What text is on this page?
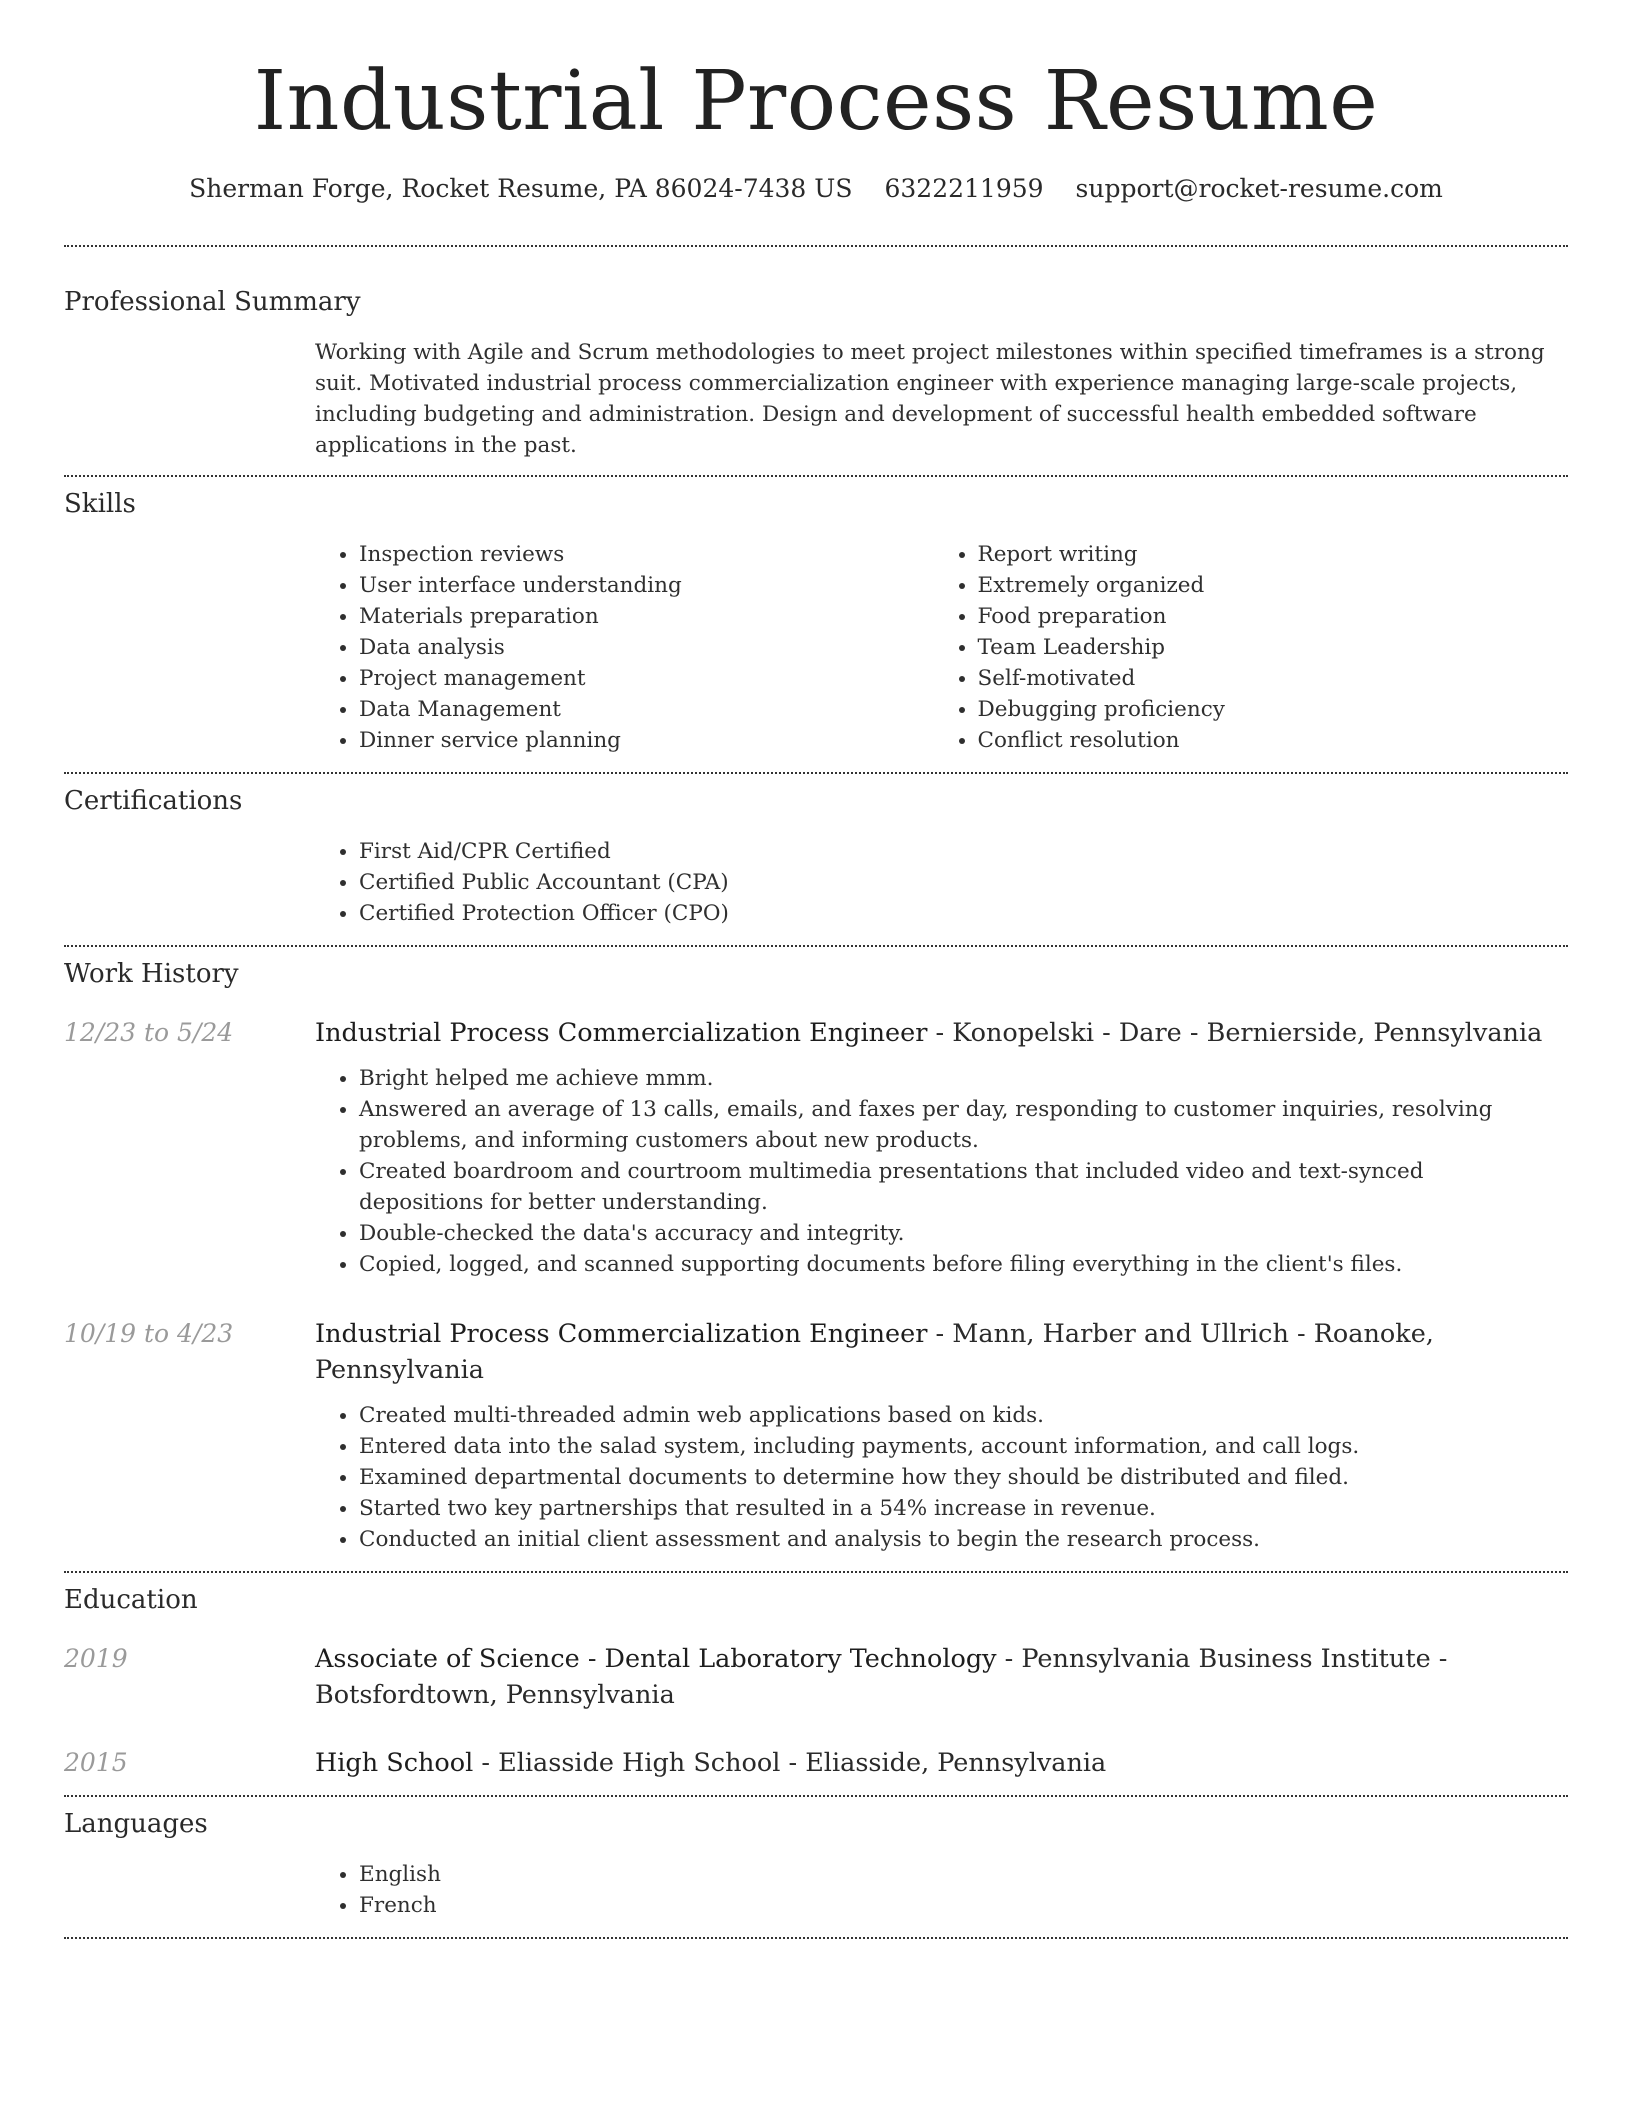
Industrial Process Resume
Sherman Forge, Rocket Resume, PA 86024-7438 US 6322211959 support@rocket-resume.com
Professional Summary
Working with Agile and Scrum methodologies to meet project milestones within specified timeframes is a strong suit. Motivated industrial process commercialization engineer with experience managing large-scale projects, including budgeting and administration. Design and development of successful health embedded software applications in the past.
Skills
• Inspection reviews
• User interface understanding
• Materials preparation
• Data analysis
• Project management
• Data Management
• Dinner service planning
• Report writing
• Extremely organized
• Food preparation
• Team Leadership
• Self-motivated
• Debugging proficiency
• Conflict resolution
Certifications
• First Aid/CPR Certified
• Certified Public Accountant (CPA)
• Certified Protection Officer (CPO)
Work History
12/23 to 5/24	Industrial Process Commercialization Engineer - Konopelski - Dare - Bernierside, Pennsylvania
• Bright helped me achieve mmm.
• Answered an average of 13 calls, emails, and faxes per day, responding to customer inquiries, resolving problems, and informing customers about new products.
• Created boardroom and courtroom multimedia presentations that included video and text-synced depositions for better understanding.
• Double-checked the data's accuracy and integrity.
• Copied, logged, and scanned supporting documents before filing everything in the client's files.
10/19 to 4/23	Industrial Process Commercialization Engineer - Mann, Harber and Ullrich - Roanoke, Pennsylvania
• Created multi-threaded admin web applications based on kids.
• Entered data into the salad system, including payments, account information, and call logs.
• Examined departmental documents to determine how they should be distributed and filed.
• Started two key partnerships that resulted in a 54% increase in revenue.
• Conducted an initial client assessment and analysis to begin the research process.
Education
2019	Associate of Science - Dental Laboratory Technology - Pennsylvania Business Institute - Botsfordtown, Pennsylvania
2015	High School - Eliasside High School - Eliasside, Pennsylvania
Languages
• English
• French
